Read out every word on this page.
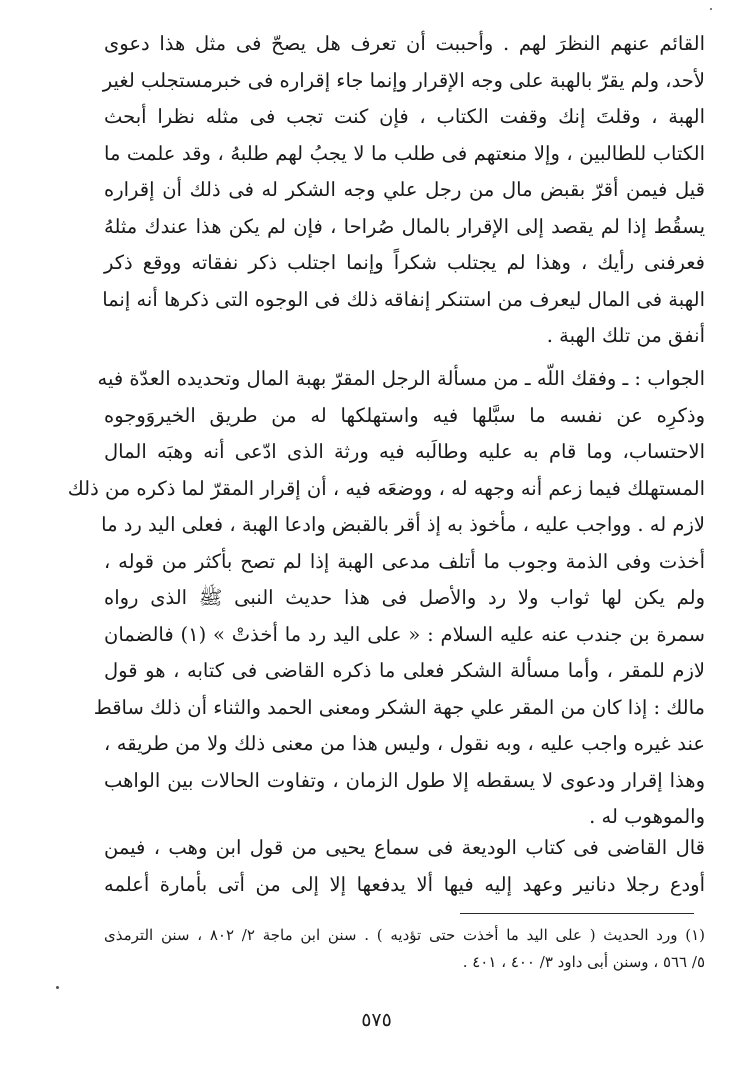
القائم عنهم النظرَ لهم . وأحببت أن تعرف هل يصحّ فى مثل هذا دعوى
لأحد، ولم يقرّ بالهبة على وجه الإقرار وإنما جاء إقراره فى خبرمستجلب لغير
الهبة ، وقلتَ إنك وقفت الكتاب ، فإن كنت تجب فى مثله نظرا أبحث
الكتاب للطالبين ، وإلا منعتهم فى طلب ما لا يجبُ لهم طلبهُ ، وقد علمت ما
قيل فيمن أقرّ بقبض مال من رجل علي وجه الشكر له فى ذلك أن إقراره
يسقُط إذا لم يقصد إلى الإقرار بالمال صُراحا ، فإن لم يكن هذا عندك مثلهُ
فعرفنى رأيك ، وهذا لم يجتلب شكراً وإنما اجتلب ذكر نفقاته ووقع ذكر
الهبة فى المال ليعرف من استنكر إنفاقه ذلك فى الوجوه التى ذكرها أنه إنما
أنفق من تلك الهبة .
الجواب : ـ وفقك اللّه ـ من مسألة الرجل المقرّ بهبة المال وتحديده العدّة فيه
وذكرِه عن نفسه ما سبَّلها فيه واستهلكها له من طريق الخيروَوجوه
الاحتساب، وما قام به عليه وطالَبه فيه ورثة الذى ادّعى أنه وهبَه المال
المستهلك فيما زعم أنه وجهه له ، ووضعَه فيه ، أن إقرار المقرّ لما ذكره من ذلك
لازم له . وواجب عليه ، مأخوذ به إذ أقر بالقبض وادعا الهبة ، فعلى اليد رد ما
أخذت وفى الذمة وجوب ما أتلف مدعى الهبة إذا لم تصح بأكثر من قوله ،
ولم يكن لها ثواب ولا رد والأصل فى هذا حديث النبى ﷺ الذى رواه
سمرة بن جندب عنه عليه السلام : « على اليد رد ما أخذتْ » (١) فالضمان
لازم للمقر ، وأما مسألة الشكر فعلى ما ذكره القاضى فى كتابه ، هو قول
مالك : إذا كان من المقر علي جهة الشكر ومعنى الحمد والثناء أن ذلك ساقط
عند غيره واجب عليه ، وبه نقول ، وليس هذا من معنى ذلك ولا من طريقه ،
وهذا إقرار ودعوى لا يسقطه إلا طول الزمان ، وتفاوت الحالات بين الواهب
والموهوب له .
قال القاضى فى كتاب الوديعة فى سماع يحيى من قول ابن وهب ، فيمن
أودع رجلا دنانير وعهد إليه فيها ألا يدفعها إلا إلى من أتى بأمارة أعلمه
(١) ورد الحديث ( على اليد ما أخذت حتى تؤديه ) . سنن ابن ماجة ٢/ ٨٠٢ ، سنن الترمذى
٥/ ٥٦٦ ، وسنن أبى داود ٣/ ٤٠٠ ، ٤٠١ .
٥٧٥
